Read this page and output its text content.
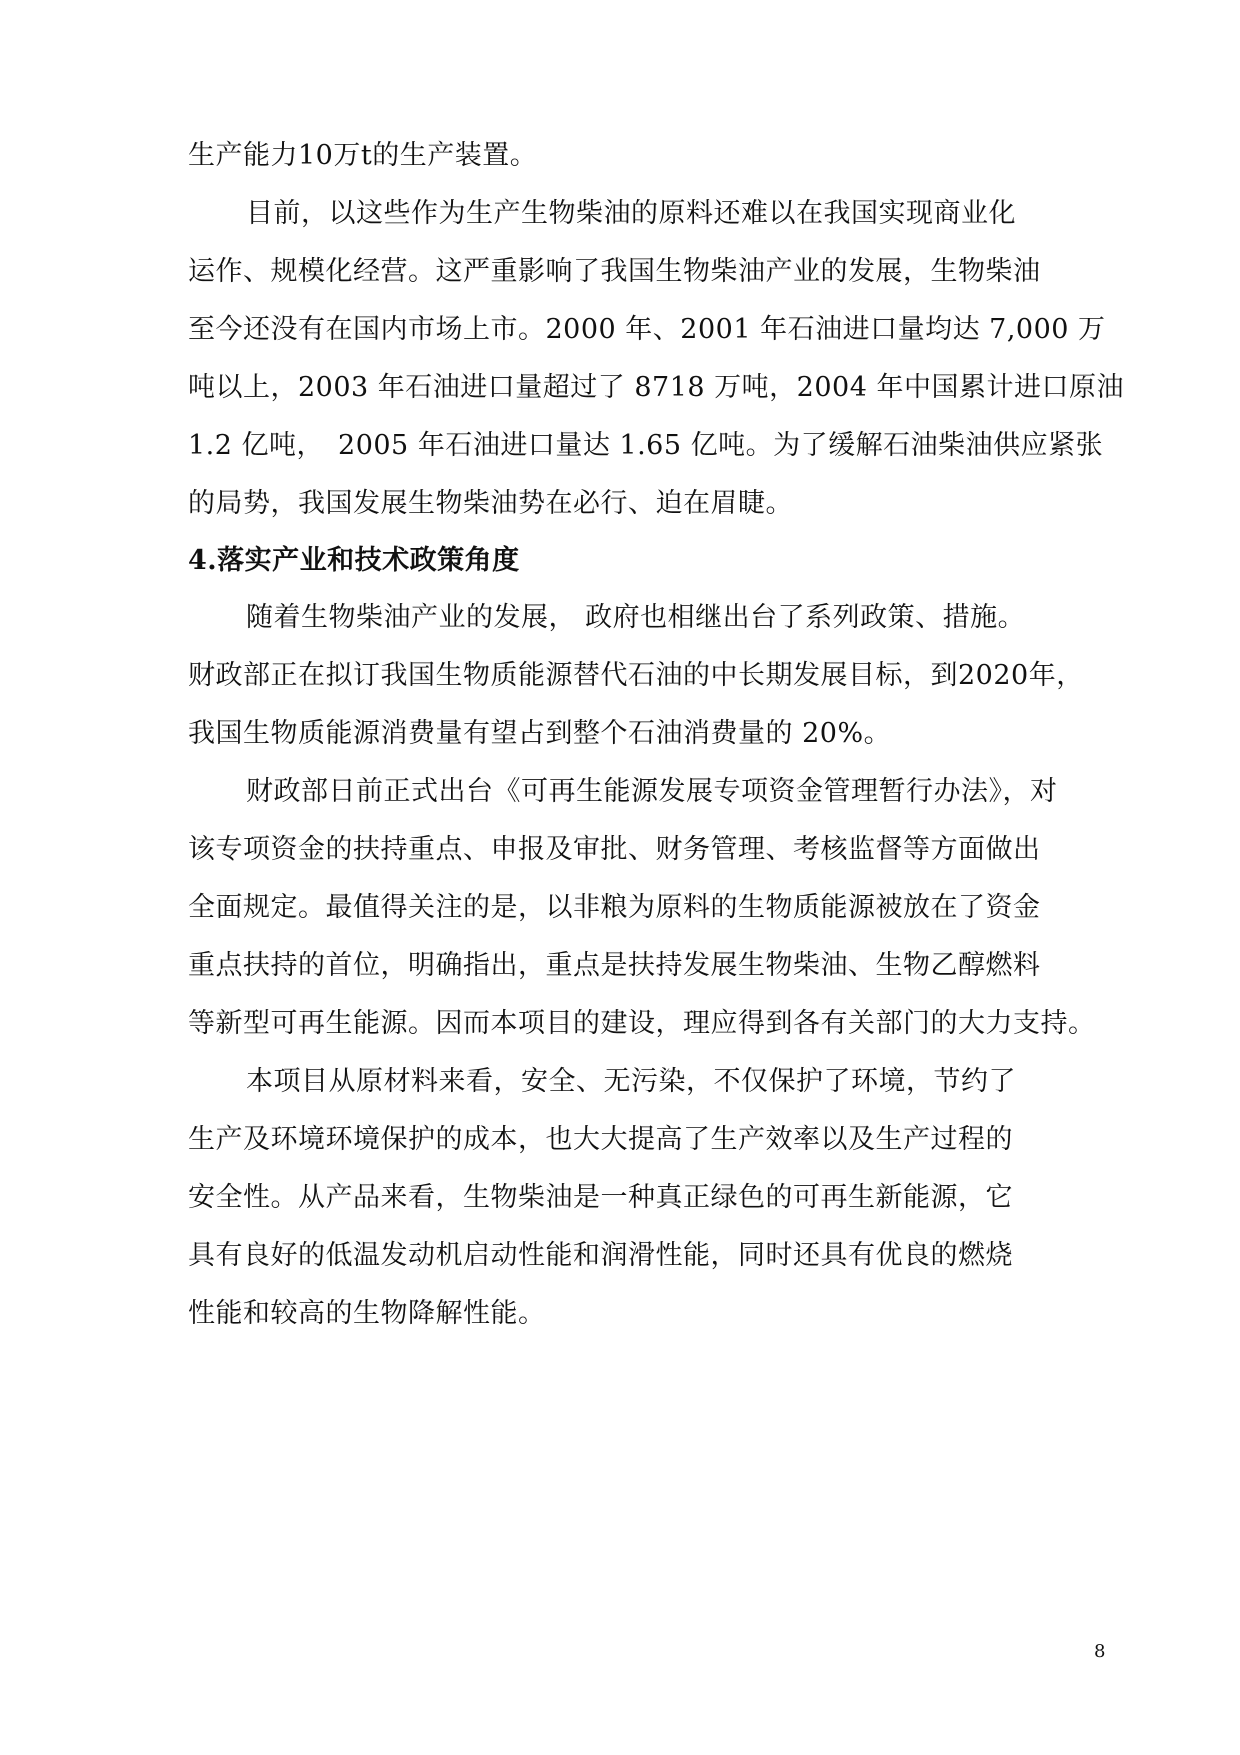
生产能力10万t的生产装置。
目前，以这些作为生产生物柴油的原料还难以在我国实现商业化
运作、规模化经营。这严重影响了我国生物柴油产业的发展，生物柴油
至今还没有在国内市场上市。2000 年、2001 年石油进口量均达 7,000 万
吨以上，2003 年石油进口量超过了 8718 万吨，2004 年中国累计进口原油
1.2 亿吨，　2005 年石油进口量达 1.65 亿吨。为了缓解石油柴油供应紧张
的局势，我国发展生物柴油势在必行、迫在眉睫。
4.落实产业和技术政策角度
随着生物柴油产业的发展， 政府也相继出台了系列政策、措施。
财政部正在拟订我国生物质能源替代石油的中长期发展目标，到2020年，
我国生物质能源消费量有望占到整个石油消费量的 20%。
财政部日前正式出台《可再生能源发展专项资金管理暂行办法》，对
该专项资金的扶持重点、申报及审批、财务管理、考核监督等方面做出
全面规定。最值得关注的是，以非粮为原料的生物质能源被放在了资金
重点扶持的首位，明确指出，重点是扶持发展生物柴油、生物乙醇燃料
等新型可再生能源。因而本项目的建设，理应得到各有关部门的大力支持。
本项目从原材料来看，安全、无污染，不仅保护了环境，节约了
生产及环境环境保护的成本，也大大提高了生产效率以及生产过程的
安全性。从产品来看，生物柴油是一种真正绿色的可再生新能源，它
具有良好的低温发动机启动性能和润滑性能，同时还具有优良的燃烧
性能和较高的生物降解性能。
8
